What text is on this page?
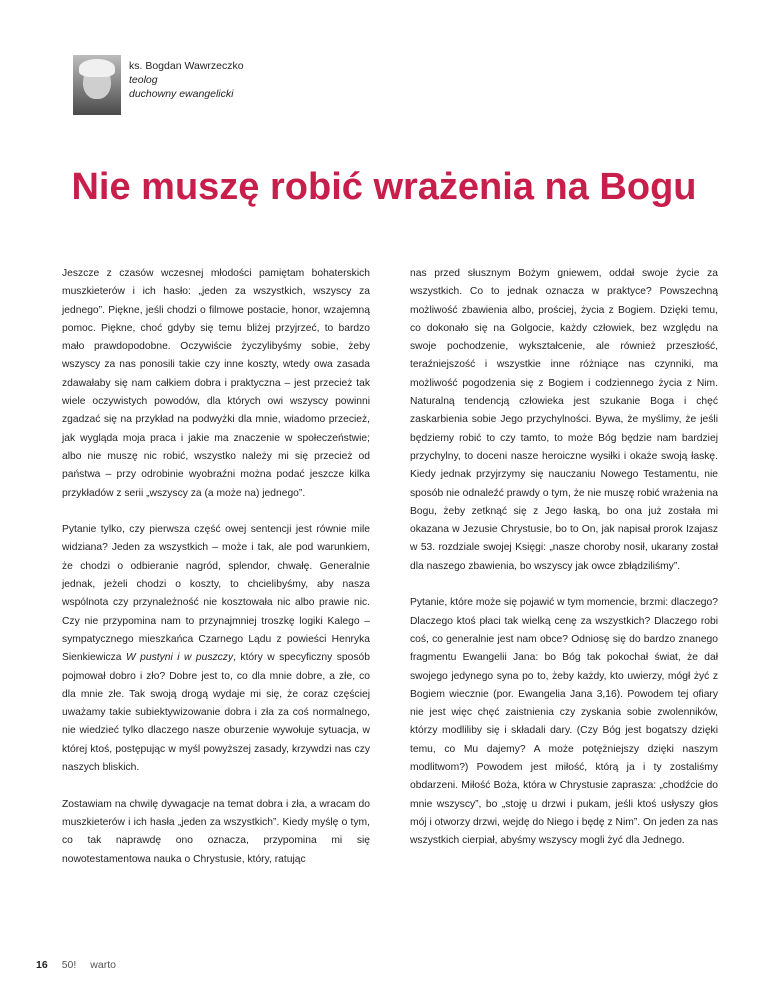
ks. Bogdan Wawrzeczko
teolog
duchowny ewangelicki
Nie muszę robić wrażenia na Bogu

Jeszcze z czasów wczesnej młodości pamiętam bohaterskich muszkieterów i ich hasło: „jeden za wszystkich, wszyscy za jednego”. Piękne, jeśli chodzi o filmowe postacie, honor, wzajemną pomoc. Piękne, choć gdyby się temu bliżej przyjrzeć, to bardzo mało prawdopodobne. Oczywiście życzylibyśmy sobie, żeby wszyscy za nas ponosili takie czy inne koszty, wtedy owa zasada zdawałaby się nam całkiem dobra i praktyczna – jest przecież tak wiele oczywistych powodów, dla których owi wszyscy powinni zgadzać się na przykład na podwyżki dla mnie, wiadomo przecież, jak wygląda moja praca i jakie ma znaczenie w społeczeństwie; albo nie muszę nic robić, wszystko należy mi się przecież od państwa – przy odrobinie wyobraźni można podać jeszcze kilka przykładów z serii „wszyscy za (a może na) jednego”.

Pytanie tylko, czy pierwsza część owej sentencji jest równie mile widziana? Jeden za wszystkich – może i tak, ale pod warunkiem, że chodzi o odbieranie nagród, splendor, chwałę. Generalnie jednak, jeżeli chodzi o koszty, to chcielibyśmy, aby nasza wspólnota czy przynależność nie kosztowała nic albo prawie nic. Czy nie przypomina nam to przynajmniej troszkę logiki Kalego – sympatycznego mieszkańca Czarnego Lądu z powieści Henryka Sienkiewicza W pustyni i w puszczy, który w specyficzny sposób pojmował dobro i zło? Dobre jest to, co dla mnie dobre, a złe, co dla mnie złe. Tak swoją drogą wydaje mi się, że coraz częściej uważamy takie subiektywizowanie dobra i zła za coś normalnego, nie wiedzieć tylko dlaczego nasze oburzenie wywołuje sytuacja, w której ktoś, postępując w myśl powyższej zasady, krzywdzi nas czy naszych bliskich.

Zostawiam na chwilę dywagacje na temat dobra i zła, a wracam do muszkieterów i ich hasła „jeden za wszystkich”. Kiedy myślę o tym, co tak naprawdę ono oznacza, przypomina mi się nowotestamentowa nauka o Chrystusie, który, ratując

nas przed słusznym Bożym gniewem, oddał swoje życie za wszystkich. Co to jednak oznacza w praktyce? Powszechną możliwość zbawienia albo, prościej, życia z Bogiem. Dzięki temu, co dokonało się na Golgocie, każdy człowiek, bez względu na swoje pochodzenie, wykształcenie, ale również przeszłość, teraźniejszość i wszystkie inne różniące nas czynniki, ma możliwość pogodzenia się z Bogiem i codziennego życia z Nim. Naturalną tendencją człowieka jest szukanie Boga i chęć zaskarbienia sobie Jego przychylności. Bywa, że myślimy, że jeśli będziemy robić to czy tamto, to może Bóg będzie nam bardziej przychylny, to doceni nasze heroiczne wysiłki i okaże swoją łaskę. Kiedy jednak przyjrzymy się nauczaniu Nowego Testamentu, nie sposób nie odnaleźć prawdy o tym, że nie muszę robić wrażenia na Bogu, żeby zetknąć się z Jego łaską, bo ona już została mi okazana w Jezusie Chrystusie, bo to On, jak napisał prorok Izajasz w 53. rozdziale swojej Księgi: „nasze choroby nosił, ukarany został dla naszego zbawienia, bo wszyscy jak owce zbłądziliśmy”.

Pytanie, które może się pojawić w tym momencie, brzmi: dlaczego? Dlaczego ktoś płaci tak wielką cenę za wszystkich? Dlaczego robi coś, co generalnie jest nam obce? Odniosę się do bardzo znanego fragmentu Ewangelii Jana: bo Bóg tak pokochał świat, że dał swojego jedynego syna po to, żeby każdy, kto uwierzy, mógł żyć z Bogiem wiecznie (por. Ewangelia Jana 3,16). Powodem tej ofiary nie jest więc chęć zaistnienia czy zyskania sobie zwolenników, którzy modliliby się i składali dary. (Czy Bóg jest bogatszy dzięki temu, co Mu dajemy? A może potężniejszy dzięki naszym modlitwom?) Powodem jest miłość, którą ja i ty zostaliśmy obdarzeni. Miłość Boża, która w Chrystusie zaprasza: „chodźcie do mnie wszyscy”, bo „stoję u drzwi i pukam, jeśli ktoś usłyszy głos mój i otworzy drzwi, wejdę do Niego i będę z Nim”. On jeden za nas wszystkich cierpiał, abyśmy wszyscy mogli żyć dla Jednego.

16 50! warto
